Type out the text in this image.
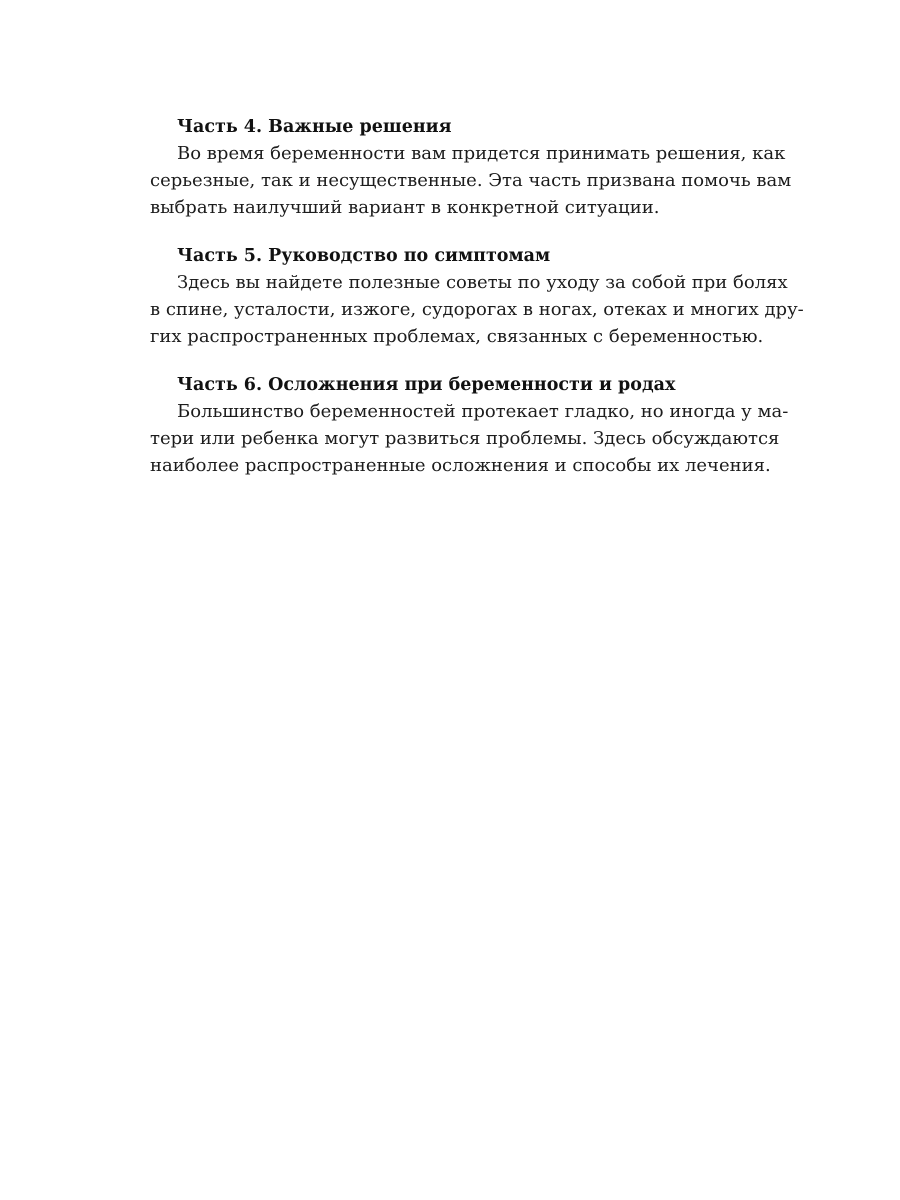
Часть 4. Важные решения
Во время беременности вам придется принимать решения, как
серьезные, так и несущественные. Эта часть призвана помочь вам
выбрать наилучший вариант в конкретной ситуации.
Часть 5. Руководство по симптомам
Здесь вы найдете полезные советы по уходу за собой при болях
в спине, усталости, изжоге, судорогах в ногах, отеках и многих дру-
гих распространенных проблемах, связанных с беременностью.
Часть 6. Осложнения при беременности и родах
Большинство беременностей протекает гладко, но иногда у ма-
тери или ребенка могут развиться проблемы. Здесь обсуждаются
наиболее распространенные осложнения и способы их лечения.
